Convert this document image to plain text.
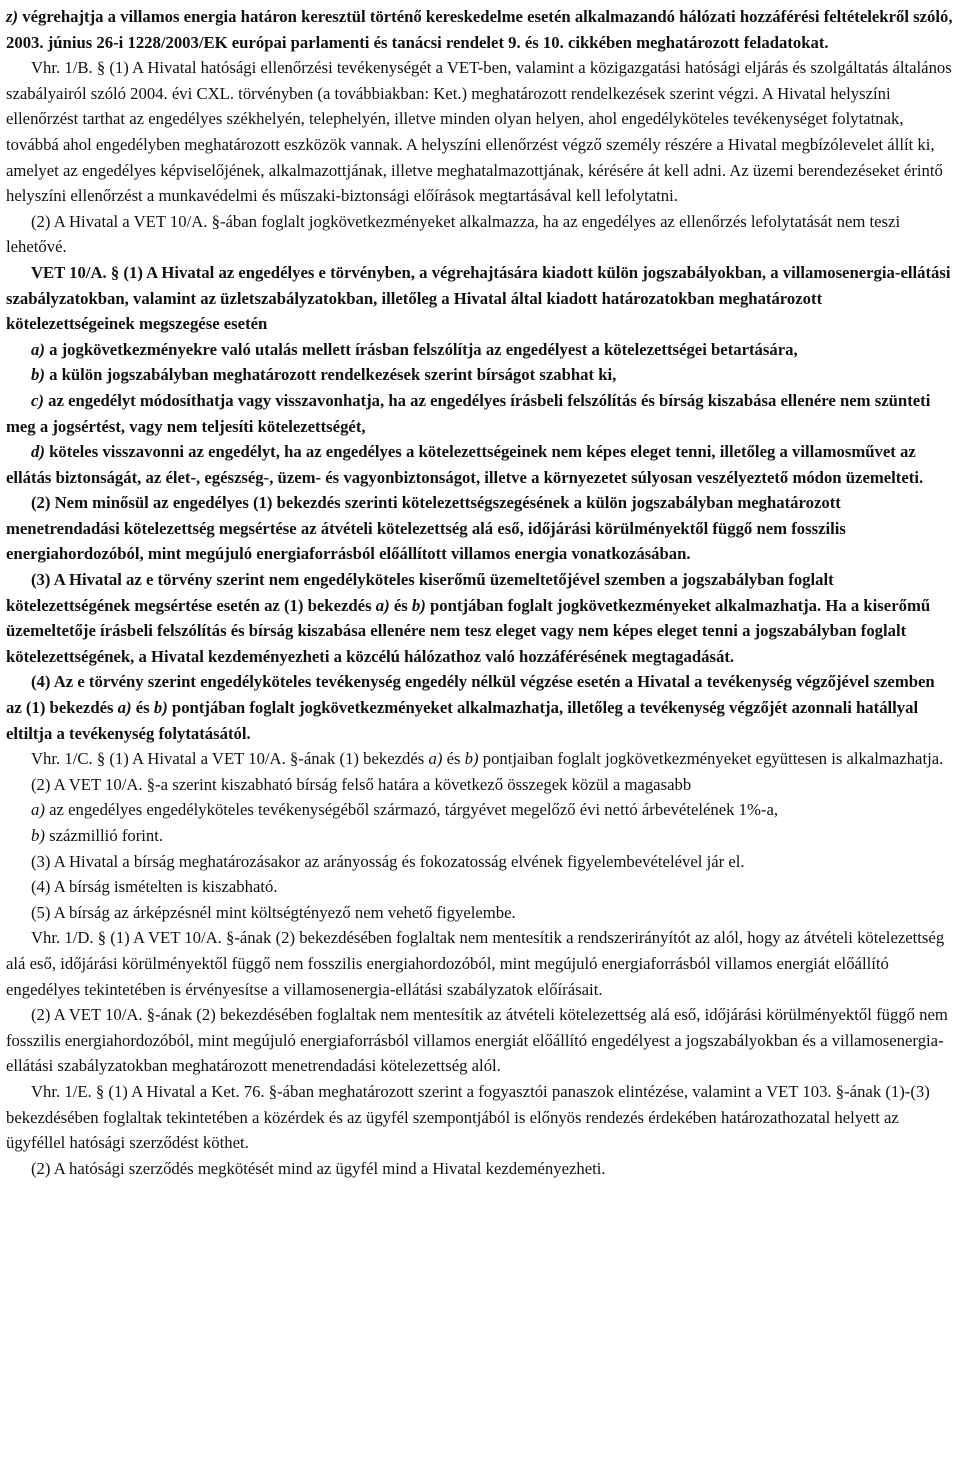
z) végrehajtja a villamos energia határon keresztül történő kereskedelme esetén alkalmazandó hálózati hozzáférési feltételekről szóló, 2003. június 26-i 1228/2003/EK európai parlamenti és tanácsi rendelet 9. és 10. cikkében meghatározott feladatokat.

Vhr. 1/B. § (1) A Hivatal hatósági ellenőrzési tevékenységét a VET-ben, valamint a közigazgatási hatósági eljárás és szolgáltatás általános szabályairól szóló 2004. évi CXL. törvényben (a továbbiakban: Ket.) meghatározott rendelkezések szerint végzi. A Hivatal helyszíni ellenőrzést tarthat az engedélyes székhelyén, telephelyén, illetve minden olyan helyen, ahol engedélyköteles tevékenységet folytatnak, továbbá ahol engedélyben meghatározott eszközök vannak. A helyszíni ellenőrzést végző személy részére a Hivatal megbízólevelet állít ki, amelyet az engedélyes képviselőjének, alkalmazottjának, illetve meghatalmazottjának, kérésére át kell adni. Az üzemi berendezéseket érintő helyszíni ellenőrzést a munkavédelmi és műszaki-biztonsági előírások megtartásával kell lefolytatni.

(2) A Hivatal a VET 10/A. §-ában foglalt jogkövetkezményeket alkalmazza, ha az engedélyes az ellenőrzés lefolytatását nem teszi lehetővé.

VET 10/A. § (1) A Hivatal az engedélyes e törvényben, a végrehajtására kiadott külön jogszabályokban, a villamosenergia-ellátási szabályzatokban, valamint az üzletszabályzatokban, illetőleg a Hivatal által kiadott határozatokban meghatározott kötelezettségeinek megszegése esetén

a) a jogkövetkezményekre való utalás mellett írásban felszólítja az engedélyest a kötelezettségei betartására,

b) a külön jogszabályban meghatározott rendelkezések szerint bírságot szabhat ki,

c) az engedélyt módosíthatja vagy visszavonhatja, ha az engedélyes írásbeli felszólítás és bírság kiszabása ellenére nem szünteti meg a jogsértést, vagy nem teljesíti kötelezettségét,

d) köteles visszavonni az engedélyt, ha az engedélyes a kötelezettségeinek nem képes eleget tenni, illetőleg a villamosművet az ellátás biztonságát, az élet-, egészség-, üzem- és vagyonbiztonságot, illetve a környezetet súlyosan veszélyeztető módon üzemelteti.

(2) Nem minősül az engedélyes (1) bekezdés szerinti kötelezettségszegésének a külön jogszabályban meghatározott menetrendadási kötelezettség megsértése az átvételi kötelezettség alá eső, időjárási körülményektől függő nem fosszilis energiahordozóból, mint megújuló energiaforrásból előállított villamos energia vonatkozásában.

(3) A Hivatal az e törvény szerint nem engedélyköteles kiserőmű üzemeltetőjével szemben a jogszabályban foglalt kötelezettségének megsértése esetén az (1) bekezdés a) és b) pontjában foglalt jogkövetkezményeket alkalmazhatja. Ha a kiserőmű üzemeltetője írásbeli felszólítás és bírság kiszabása ellenére nem tesz eleget vagy nem képes eleget tenni a jogszabályban foglalt kötelezettségének, a Hivatal kezdeményezheti a közcélú hálózathoz való hozzáférésének megtagadását.

(4) Az e törvény szerint engedélyköteles tevékenység engedély nélkül végzése esetén a Hivatal a tevékenység végzőjével szemben az (1) bekezdés a) és b) pontjában foglalt jogkövetkezményeket alkalmazhatja, illetőleg a tevékenység végzőjét azonnali hatállyal eltiltja a tevékenység folytatásától.

Vhr. 1/C. § (1) A Hivatal a VET 10/A. §-ának (1) bekezdés a) és b) pontjaiban foglalt jogkövetkezményeket együttesen is alkalmazhatja.

(2) A VET 10/A. §-a szerint kiszabható bírság felső határa a következő összegek közül a magasabb

a) az engedélyes engedélyköteles tevékenységéből származó, tárgyévet megelőző évi nettó árbevételének 1%-a,

b) százmillió forint.

(3) A Hivatal a bírság meghatározásakor az arányosság és fokozatosság elvének figyelembevételével jár el.

(4) A bírság ismételten is kiszabható.

(5) A bírság az árképzésnél mint költségtényező nem vehető figyelembe.

Vhr. 1/D. § (1) A VET 10/A. §-ának (2) bekezdésében foglaltak nem mentesítik a rendszerirányítót az alól, hogy az átvételi kötelezettség alá eső, időjárási körülményektől függő nem fosszilis energiahordozóból, mint megújuló energiaforrásból villamos energiát előállító engedélyes tekintetében is érvényesítse a villamosenergia-ellátási szabályzatok előírásait.

(2) A VET 10/A. §-ának (2) bekezdésében foglaltak nem mentesítik az átvételi kötelezettség alá eső, időjárási körülményektől függő nem fosszilis energiahordozóból, mint megújuló energiaforrásból villamos energiát előállító engedélyest a jogszabályokban és a villamosenergia-ellátási szabályzatokban meghatározott menetrendadási kötelezettség alól.

Vhr. 1/E. § (1) A Hivatal a Ket. 76. §-ában meghatározott szerint a fogyasztói panaszok elintézése, valamint a VET 103. §-ának (1)-(3) bekezdésében foglaltak tekintetében a közérdek és az ügyfél szempontjából is előnyös rendezés érdekében határozathozatal helyett az ügyféllel hatósági szerződést köthet.

(2) A hatósági szerződés megkötését mind az ügyfél mind a Hivatal kezdeményezheti.
